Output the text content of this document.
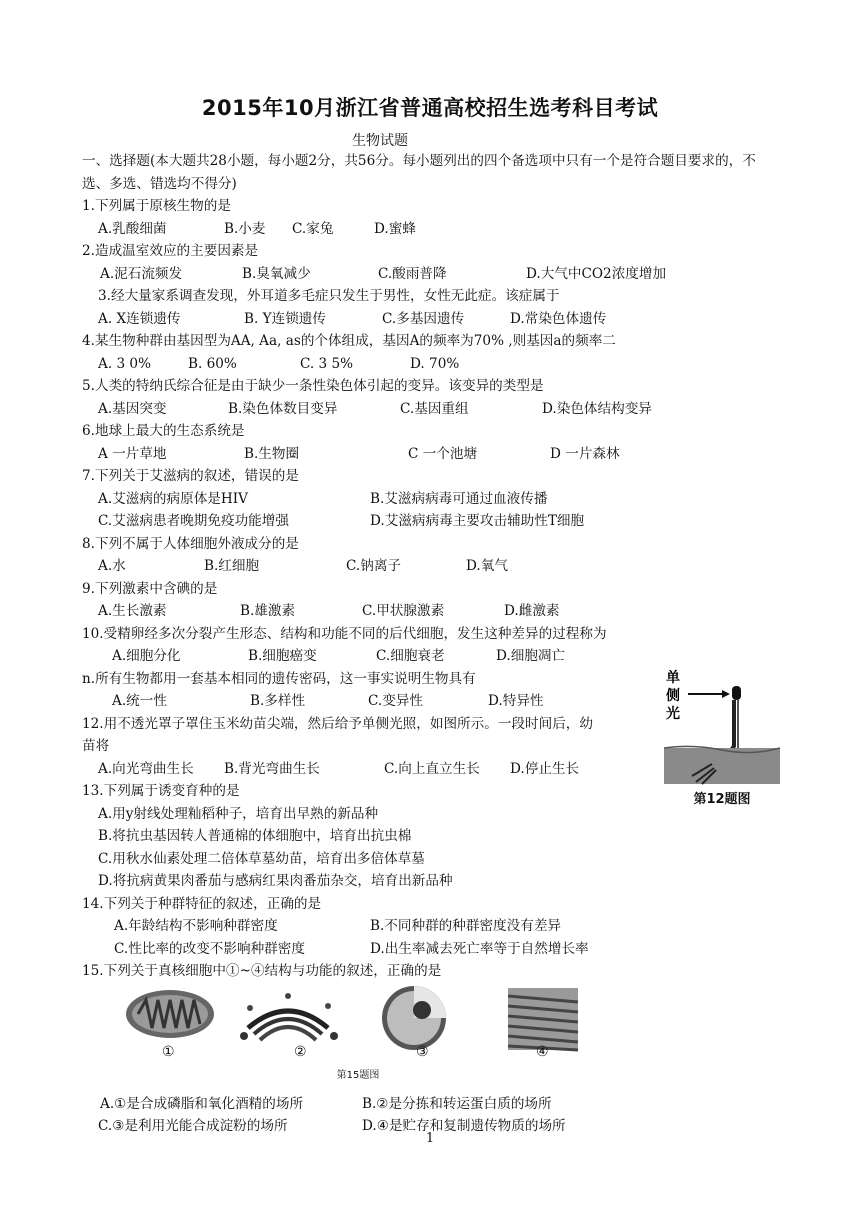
2015年10月浙江省普通高校招生选考科目考试
生物试题
一、选择题(本大题共28小题，每小题2分，共56分。每小题列出的四个备选项中只有一个是符合题目要求的，不选、多选、错选均不得分)
1.下列属于原核生物的是
A.乳酸细菌	B.小麦 C.家兔	D.蜜蜂
2.造成温室效应的主要因素是
A.泥石流频发	B.臭氧减少	C.酸雨普降	D.大气中CO2浓度增加
3.经大量家系调查发现，外耳道多毛症只发生于男性，女性无此症。该症属于
A. X连锁遗传	B. Y连锁遗传	C.多基因遗传	D.常染色体遗传
4.某生物种群由基因型为AA, Aa, as的个体组成，基因A的频率为70% ,则基因a的频率二
A. 3 0%	B. 60%	C. 3 5%	D. 70%
5.人类的特纳氏综合征是由于缺少一条性染色体引起的变异。该变异的类型是
A.基因突变	B.染色体数目变异	C.基因重组	D.染色体结构变异
6.地球上最大的生态系统是
A 一片草地	B.生物圈	C 一个池塘	D 一片森林
7.下列关于艾滋病的叙述，错误的是
A.艾滋病的病原体是HIV	B.艾滋病病毒可通过血液传播
C.艾滋病患者晚期免疫功能增强	D.艾滋病病毒主要攻击辅助性T细胞
8.下列不属于人体细胞外液成分的是
A.水	B.红细胞	C.钠离子	D.氧气
9.下列激素中含碘的是
A.生长激素	B.雄激素	C.甲状腺激素	D.雌激素
10.受精卵经多次分裂产生形态、结构和功能不同的后代细胞，发生这种差异的过程称为
A.细胞分化	B.细胞癌变	C.细胞衰老	D.细胞凋亡
n.所有生物都用一套基本相同的遗传密码，这一事实说明生物具有
A.统一性	B.多样性	C.变异性	D.特异性
12.用不透光罩子罩住玉米幼苗尖端，然后给予单侧光照，如图所示。一段时间后，幼
苗将
A.向光弯曲生长 B.背光弯曲生长	C.向上直立生长 D.停止生长
13.下列属于诱变育种的是
A.用y射线处理籼稻种子，培育出早熟的新品种
B.将抗虫基因转人普通棉的体细胞中，培育出抗虫棉
C.用秋水仙素处理二倍体草墓幼苗，培育出多倍体草墓
D.将抗病黄果肉番茄与感病红果肉番茄杂交，培育出新品种
14.下列关于种群特征的叙述，正确的是
A.年龄结构不影响种群密度	B.不同种群的种群密度没有差异
C.性比率的改变不影响种群密度	D.出生率减去死亡率等于自然增长率
15.下列关于真核细胞中①~④结构与功能的叙述，正确的是
A.①是合成磷脂和氧化酒精的场所	B.②是分拣和转运蛋白质的场所
C.③是利用光能合成淀粉的场所	D.④是贮存和复制遗传物质的场所
单
侧
光
第12题图
①	②	③	④
第15题图
1
